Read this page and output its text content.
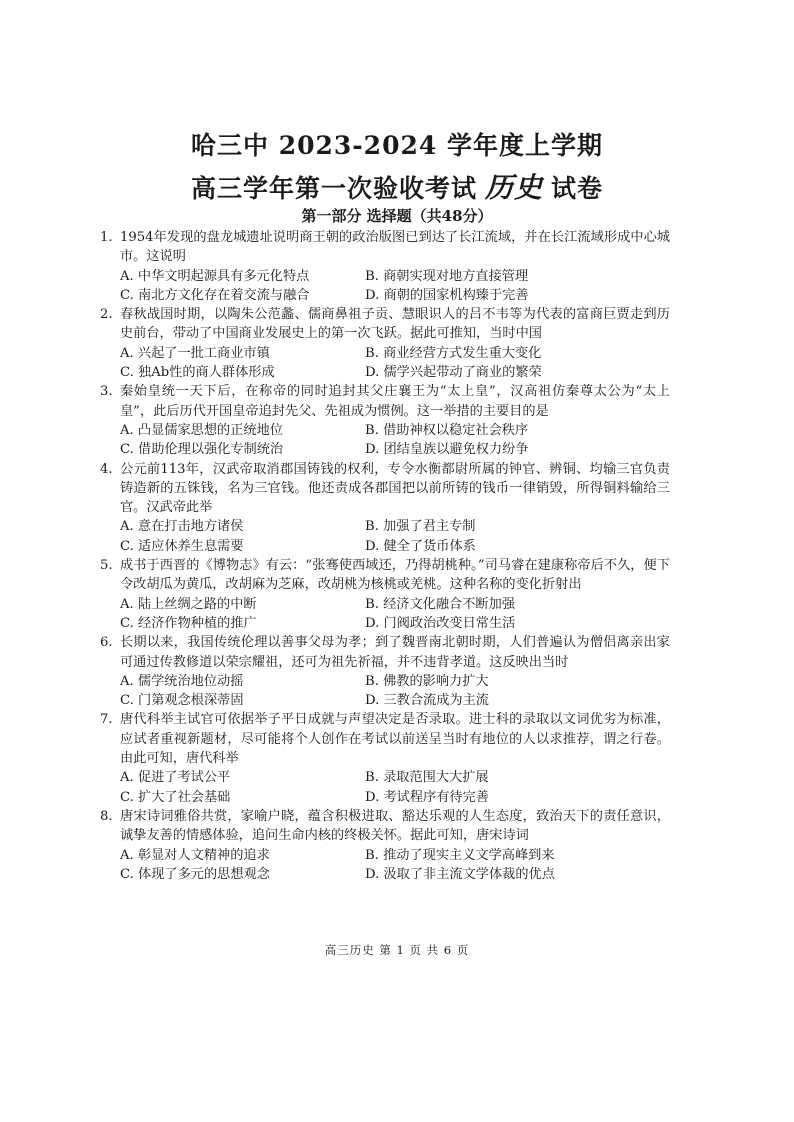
哈三中 2023-2024 学年度上学期
高三学年第一次验收考试 历史 试卷
第一部分 选择题（共48分）
1. 1954年发现的盘龙城遗址说明商王朝的政治版图已到达了长江流域，并在长江流域形成中心城市。这说明
A. 中华文明起源具有多元化特点	B. 商朝实现对地方直接管理
C. 南北方文化存在着交流与融合	D. 商朝的国家机构臻于完善
2. 春秋战国时期，以陶朱公范蠡、儒商鼻祖子贡、慧眼识人的吕不韦等为代表的富商巨贾走到历史前台，带动了中国商业发展史上的第一次飞跃。据此可推知，当时中国
A. 兴起了一批工商业市镇	B. 商业经营方式发生重大变化
C. 独Ab性的商人群体形成	D. 儒学兴起带动了商业的繁荣
3. 秦始皇统一天下后，在称帝的同时追封其父庄襄王为“太上皇”，汉高祖仿秦尊太公为“太上皇”，此后历代开国皇帝追封先父、先祖成为惯例。这一举措的主要目的是
A. 凸显儒家思想的正统地位	B. 借助神权以稳定社会秩序
C. 借助伦理以强化专制统治	D. 团结皇族以避免权力纷争
4. 公元前113年，汉武帝取消郡国铸钱的权利，专令水衡都尉所属的钟官、辨铜、均输三官负责铸造新的五铢钱，名为三官钱。他还责成各郡国把以前所铸的钱币一律销毁，所得铜料输给三官。汉武帝此举
A. 意在打击地方诸侯	B. 加强了君主专制
C. 适应休养生息需要	D. 健全了货币体系
5. 成书于西晋的《博物志》有云：“张骞使西域还，乃得胡桃种。”司马睿在建康称帝后不久，便下令改胡瓜为黄瓜，改胡麻为芝麻，改胡桃为核桃或羌桃。这种名称的变化折射出
A. 陆上丝绸之路的中断	B. 经济文化融合不断加强
C. 经济作物种植的推广	D. 门阀政治改变日常生活
6. 长期以来，我国传统伦理以善事父母为孝；到了魏晋南北朝时期，人们普遍认为僧侣离亲出家可通过传教修道以荣宗耀祖，还可为祖先祈福，并不违背孝道。这反映出当时
A. 儒学统治地位动摇	B. 佛教的影响力扩大
C. 门第观念根深蒂固	D. 三教合流成为主流
7. 唐代科举主试官可依据举子平日成就与声望决定是否录取。进士科的录取以文词优劣为标准，应试者重视新题材，尽可能将个人创作在考试以前送呈当时有地位的人以求推荐，谓之行卷。由此可知，唐代科举
A. 促进了考试公平	B. 录取范围大大扩展
C. 扩大了社会基础	D. 考试程序有待完善
8. 唐宋诗词雅俗共赏，家喻户晓，蕴含积极进取、豁达乐观的人生态度，致治天下的责任意识，诚挚友善的情感体验，追问生命内核的终极关怀。据此可知，唐宋诗词
A. 彰显对人文精神的追求	B. 推动了现实主义文学高峰到来
C. 体现了多元的思想观念	D. 汲取了非主流文学体裁的优点
高三历史 第 1 页 共 6 页
